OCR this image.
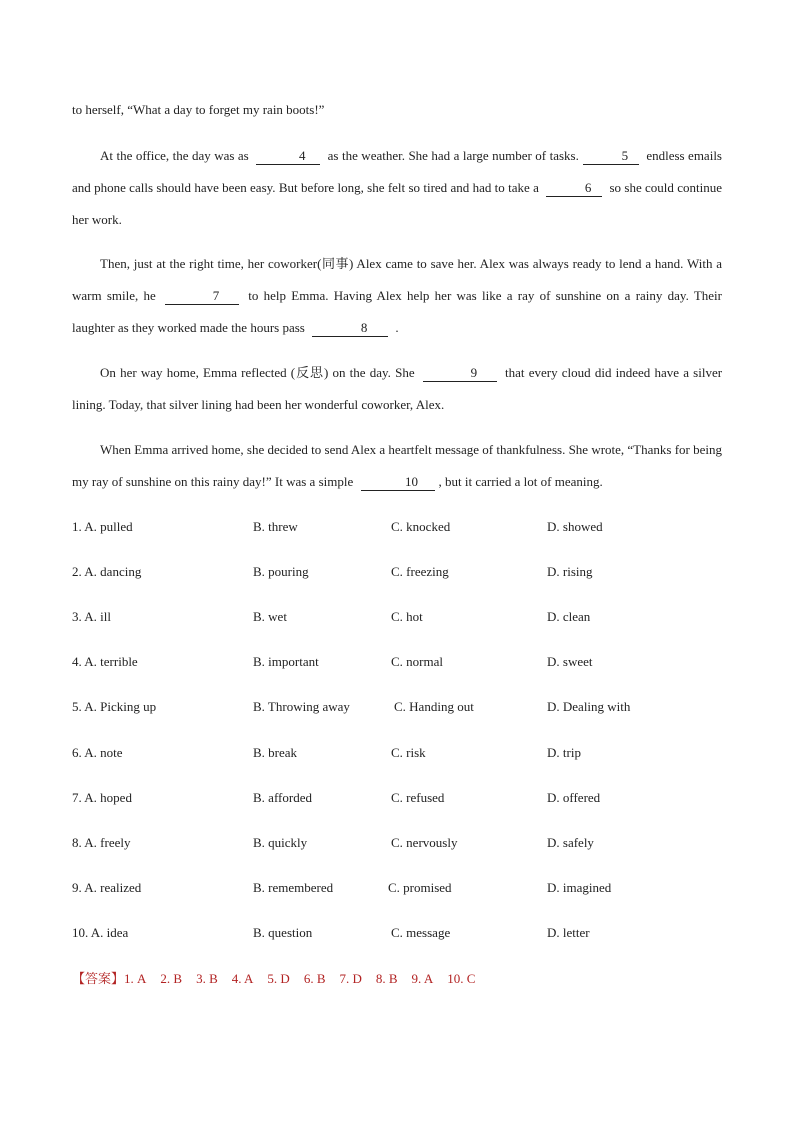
to herself, “What a day to forget my rain boots!”

At the office, the day was as	4 as the weather. She had a large number of tasks.	5 endless emails and phone calls should have been easy. But before long, she felt so tired and had to take a	6 so she could continue her work.

Then, just at the right time, her coworker(同事) Alex came to save her. Alex was always ready to lend a hand. With a warm smile, he	7 to help Emma. Having Alex help her was like a ray of sunshine on a rainy day. Their laughter as they worked made the hours pass	8 .

On her way home, Emma reflected (反思) on the day. She	9 that every cloud did indeed have a silver lining. Today, that silver lining had been her wonderful coworker, Alex.

When Emma arrived home, she decided to send Alex a heartfelt message of thankfulness. She wrote, “Thanks for being my ray of sunshine on this rainy day!” It was a simple	10 , but it carried a lot of meaning.

1. A. pulled	B. threw	C. knocked	D. showed
2. A. dancing	B. pouring	C. freezing	D. rising
3. A. ill	B. wet	C. hot	D. clean
4. A. terrible	B. important	C. normal	D. sweet
5. A. Picking up	B. Throwing away	C. Handing out	D. Dealing with
6. A. note	B. break	C. risk	D. trip
7. A. hoped	B. afforded	C. refused	D. offered
8. A. freely	B. quickly	C. nervously	D. safely
9. A. realized	B. remembered	C. promised	D. imagined
10. A. idea	B. question	C. message	D. letter
【答案】1. A 2. B 3. B 4. A 5. D 6. B 7. D 8. B 9. A 10. C
